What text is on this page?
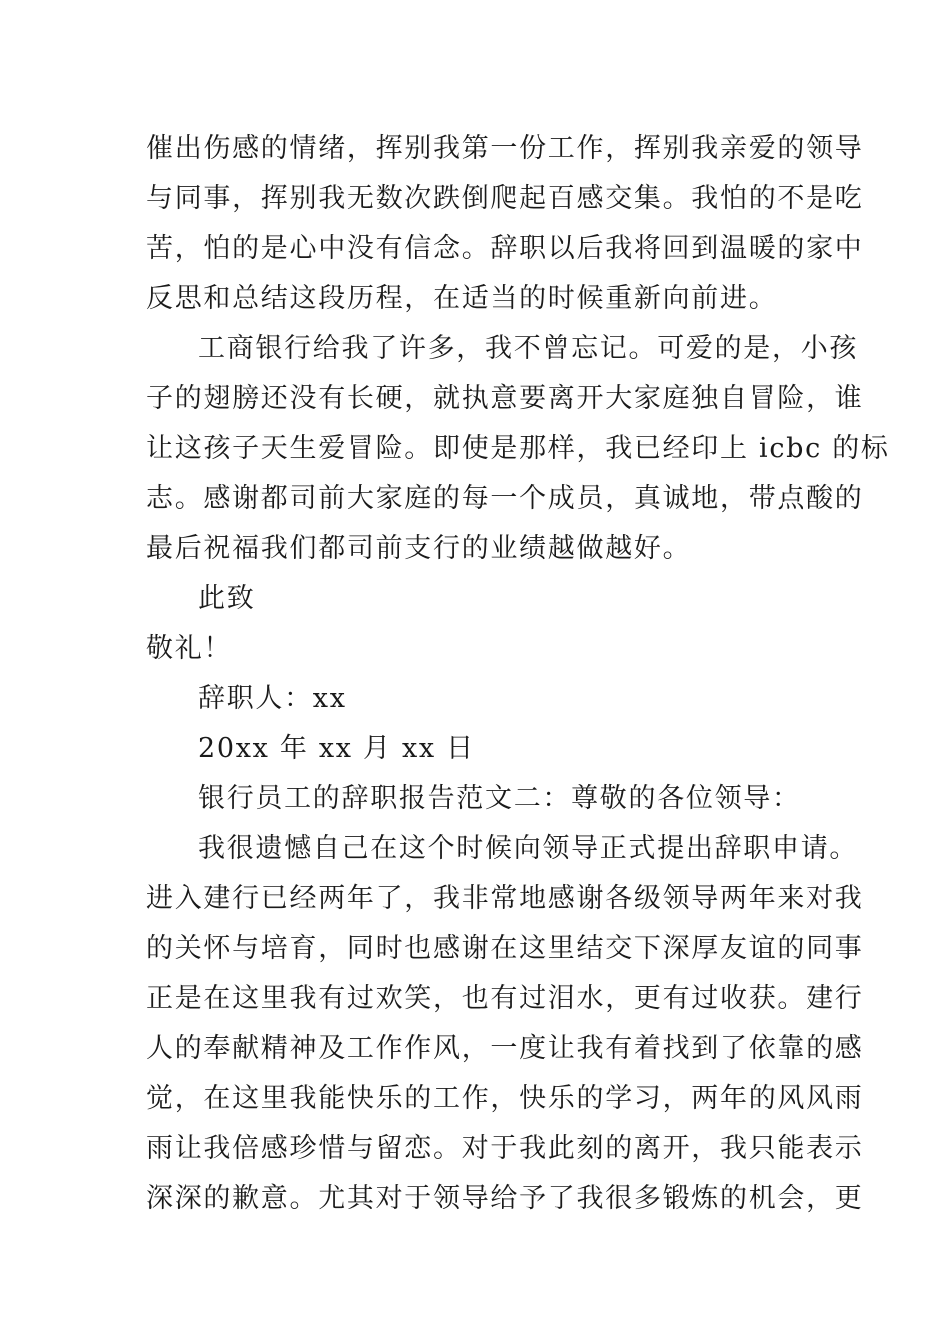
催出伤感的情绪，挥别我第一份工作，挥别我亲爱的领导
与同事，挥别我无数次跌倒爬起百感交集。我怕的不是吃
苦，怕的是心中没有信念。辞职以后我将回到温暖的家中
反思和总结这段历程，在适当的时候重新向前进。
工商银行给我了许多，我不曾忘记。可爱的是，小孩
子的翅膀还没有长硬，就执意要离开大家庭独自冒险，谁
让这孩子天生爱冒险。即使是那样，我已经印上 icbc 的标
志。感谢都司前大家庭的每一个成员，真诚地，带点酸的
最后祝福我们都司前支行的业绩越做越好。
此致
敬礼！
辞职人：xx
20xx 年 xx 月 xx 日
银行员工的辞职报告范文二：尊敬的各位领导：
我很遗憾自己在这个时候向领导正式提出辞职申请。
进入建行已经两年了，我非常地感谢各级领导两年来对我
的关怀与培育，同时也感谢在这里结交下深厚友谊的同事
正是在这里我有过欢笑，也有过泪水，更有过收获。建行
人的奉献精神及工作作风，一度让我有着找到了依靠的感
觉，在这里我能快乐的工作，快乐的学习，两年的风风雨
雨让我倍感珍惜与留恋。对于我此刻的离开，我只能表示
深深的歉意。尤其对于领导给予了我很多锻炼的机会，更
